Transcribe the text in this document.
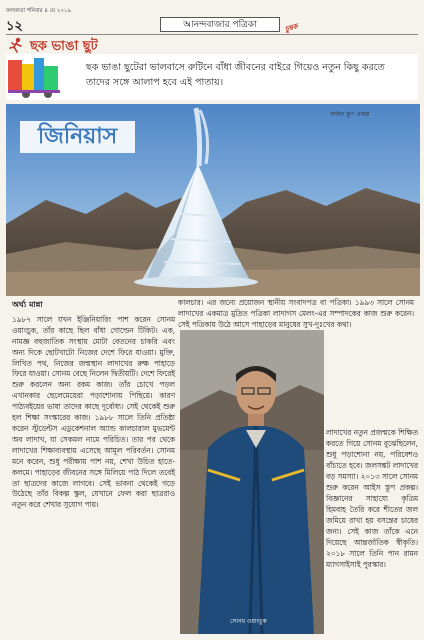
কলকাতা শনিবার ৪ মে ২০১৯
১২	আনন্দবাজার পত্রিকা	চুম্বক
ছক ভাঙা ছুট
ছক ভাঙা ছুটেরা ভালবাসে রুটিনে বাঁধা জীবনের বাইরে গিয়েও নতুন কিছু করতে তাদের সঙ্গে আলাপ হবে এই পাতায়।
জিনিয়াস
আইস স্তূপ প্রকল্প
অর্ঘ্য মান্না
১৯৮৭ সালে যখন ইঞ্জিনিয়ারিং পাশ করেন সোনম ওয়াংচুক, তাঁর কাছে ছিল বাঁধা গোল্ডেন টিকিট। এক, নামজ্ঞ বহুজাতিক সংস্থায় মোটা বেতনের চাকরি এবং অন্য দিকে ছোটখাটো নিজের দেশে ফিরে যাওয়া। মুক্তি, লিখিত পথ, নিজের জন্মস্থান লাদাখের রুক্ষ পাহাড়ে ফিরে যাওয়া। সোনম বেছে নিলেন দ্বিতীয়টি। দেশে ফিরেই শুরু করলেন অন্য রকম কাজ। তাঁর চোখে পড়ল এখানকার ছেলেমেয়েরা পড়াশোনায় পিছিয়ে। কারণ পাঠ্যবইয়ের ভাষা তাদের কাছে দুর্বোধ্য। সেই থেকেই শুরু হল শিক্ষা সংস্কারের কাজ। ১৯৮৮ সালে তিনি প্রতিষ্ঠা করেন স্টুডেন্টস এডুকেশনাল অ্যান্ড কালচারাল মুভমেন্ট অব লাদাখ, যা সেকমল নামে পরিচিত। তার পর থেকে লাদাখের শিক্ষাব্যবস্থায় এসেছে আমূল পরিবর্তন। সোনম মনে করেন, শুধু পরীক্ষায় পাশ নয়, শেখা উচিত হাতে-কলমে। পাহাড়ের জীবনের সঙ্গে মিলিয়ে পাঠ দিলে তবেই তা ছাত্রদের কাজে লাগবে। সেই ভাবনা থেকেই গড়ে উঠেছে তাঁর বিকল্প স্কুল, যেখানে ফেল করা ছাত্ররাও নতুন করে শেখার সুযোগ পায়।
কালচার। এর জন্যে প্রয়োজন স্থানীয় সংবাদপত্র বা পত্রিকা। ১৯৯৩ সালে সোনম লাদাখের একমাত্র মুদ্রিত পত্রিকা লাদাগস মেলং-এর সম্পাদকের কাজ শুরু করেন। সেই পত্রিকায় উঠে আসে পাহাড়ের মানুষের সুখ-দুঃখের কথা।
সোনম ওয়াংচুক
লাদাখের নতুন প্রজন্মকে শিক্ষিত করতে গিয়ে সোনম বুঝেছিলেন, শুধু পড়াশোনা নয়, পরিবেশও বাঁচাতে হবে। জলসঙ্কট লাদাখের বড় সমস্যা। ২০১৩ সালে সোনম শুরু করেন আইস স্তূপ প্রকল্প। বিজ্ঞানের সাহায্যে কৃত্রিম হিমবাহ তৈরি করে শীতের জল জমিয়ে রাখা হয় বসন্তের চাষের জন্য। সেই কাজ তাঁকে এনে দিয়েছে আন্তর্জাতিক স্বীকৃতি। ২০১৮ সালে তিনি পান রামন ম্যাগসাইসাই পুরস্কার।
